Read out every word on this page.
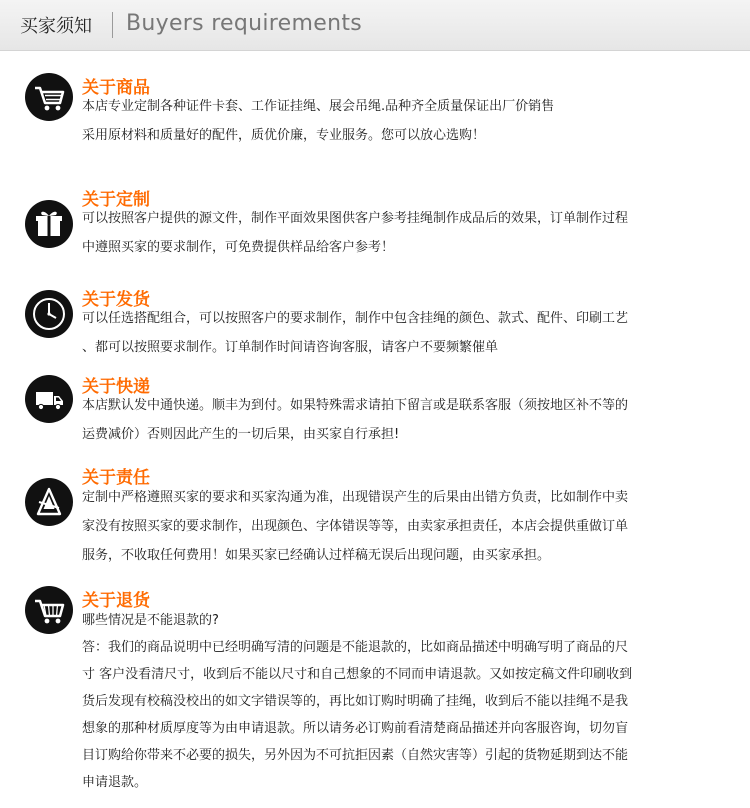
买家须知 Buyers requirements
关于商品
本店专业定制各种证件卡套、工作证挂绳、展会吊绳.品种齐全质量保证出厂价销售
采用原材料和质量好的配件，质优价廉，专业服务。您可以放心选购！
关于定制
可以按照客户提供的源文件，制作平面效果图供客户参考挂绳制作成品后的效果，订单制作过程
中遵照买家的要求制作，可免费提供样品给客户参考！
关于发货
可以任选搭配组合，可以按照客户的要求制作，制作中包含挂绳的颜色、款式、配件、印刷工艺
、都可以按照要求制作。订单制作时间请咨询客服，请客户不要频繁催单
关于快递
本店默认发中通快递。顺丰为到付。如果特殊需求请拍下留言或是联系客服（须按地区补不等的
运费减价）否则因此产生的一切后果，由买家自行承担!
关于责任
定制中严格遵照买家的要求和买家沟通为准，出现错误产生的后果由出错方负责，比如制作中卖
家没有按照买家的要求制作，出现颜色、字体错误等等，由卖家承担责任，本店会提供重做订单
服务，不收取任何费用！如果买家已经确认过样稿无误后出现问题，由买家承担。
关于退货
哪些情况是不能退款的?
答：我们的商品说明中已经明确写清的问题是不能退款的，比如商品描述中明确写明了商品的尺
寸 客户没看清尺寸，收到后不能以尺寸和自己想象的不同而申请退款。又如按定稿文件印刷收到
货后发现有校稿没校出的如文字错误等的，再比如订购时明确了挂绳，收到后不能以挂绳不是我
想象的那种材质厚度等为由申请退款。所以请务必订购前看清楚商品描述并向客服咨询，切勿盲
目订购给你带来不必要的损失，另外因为不可抗拒因素（自然灾害等）引起的货物延期到达不能
申请退款。
